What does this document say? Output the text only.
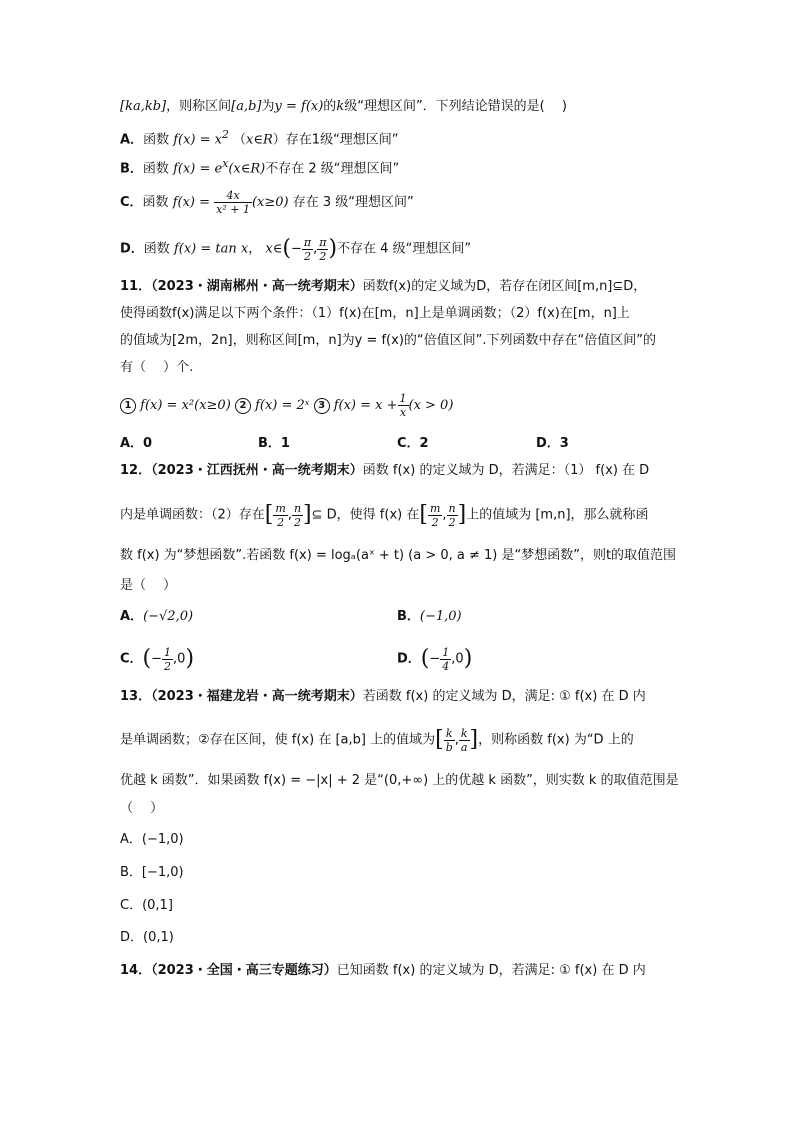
[ka,kb]，则称区间[a,b]为y = f(x)的k级“理想区间”．下列结论错误的是(　 )
A．函数 $f(x) = x^2$ （x∈R）存在1级“理想区间”
B．函数 $f(x) = e^x(x\in R)$不存在 2 级“理想区间”
C．函数 $f(x) = \frac{4x}{\text{x² + 1}} (x\ge 0)$ 存在 3 级“理想区间”
D．函数 f(x) = tan x， x∈(− $\frac{\pi}{2}$ , $\frac{\pi}{2}$ )不存在 4 级“理想区间”
11．（2023・湖南郴州・高一统考期末）函数f(x)的定义域为D，若存在闭区间[m,n]⊆D，
使得函数f(x)满足以下两个条件：（1）f(x)在[m，n]上是单调函数；（2）f(x)在[m，n]上
的值域为[2m，2n]，则称区间[m，n]为y = f(x)的“倍值区间”.下列函数中存在“倍值区间”的
有（　 ）个.
1 f(x) = x²(x≥0) 2 f(x) = 2ˣ 3 $f(x) = x + \frac{1}{x} (x > 0)$
A．0	B．1	C．2	D．3
12．（2023・江西抚州・高一统考期末）函数 f(x) 的定义域为 D，若满足：（1） f(x) 在 D
内是单调函数：（2）存在[ $\frac{m}{2}$ , $\frac{n}{2}$ ]⊆ D，使得 f(x) 在[ $\frac{m}{2}$ , $\frac{n}{2}$ ]上的值域为 [m,n]，那么就称函
数 f(x) 为“梦想函数”.若函数 f(x) = logₐ(aˣ + t) (a > 0, a ≠ 1) 是“梦想函数”，则t的取值范围
是（　 ）
A．(−√2,0)	B．(−1,0)
C．(− $\frac{1}{2} ,0$)	D．(− $\frac{1}{4} ,0$)
13．（2023・福建龙岩・高一统考期末）若函数 f(x) 的定义域为 D，满足: ① f(x) 在 D 内
是单调函数；②存在区间，使 f(x) 在 [a,b] 上的值域为[ $\frac{k}{b}$ , $\frac{k}{a}$ ]，则称函数 f(x) 为“D 上的
优越 k 函数”．如果函数 f(x) = −|x| + 2 是“(0,+∞) 上的优越 k 函数”，则实数 k 的取值范围是
（　 ）
A．(−1,0)
B．[−1,0)
C．(0,1]
D．(0,1)
14．（2023・全国・高三专题练习）已知函数 f(x) 的定义域为 D，若满足: ① f(x) 在 D 内
